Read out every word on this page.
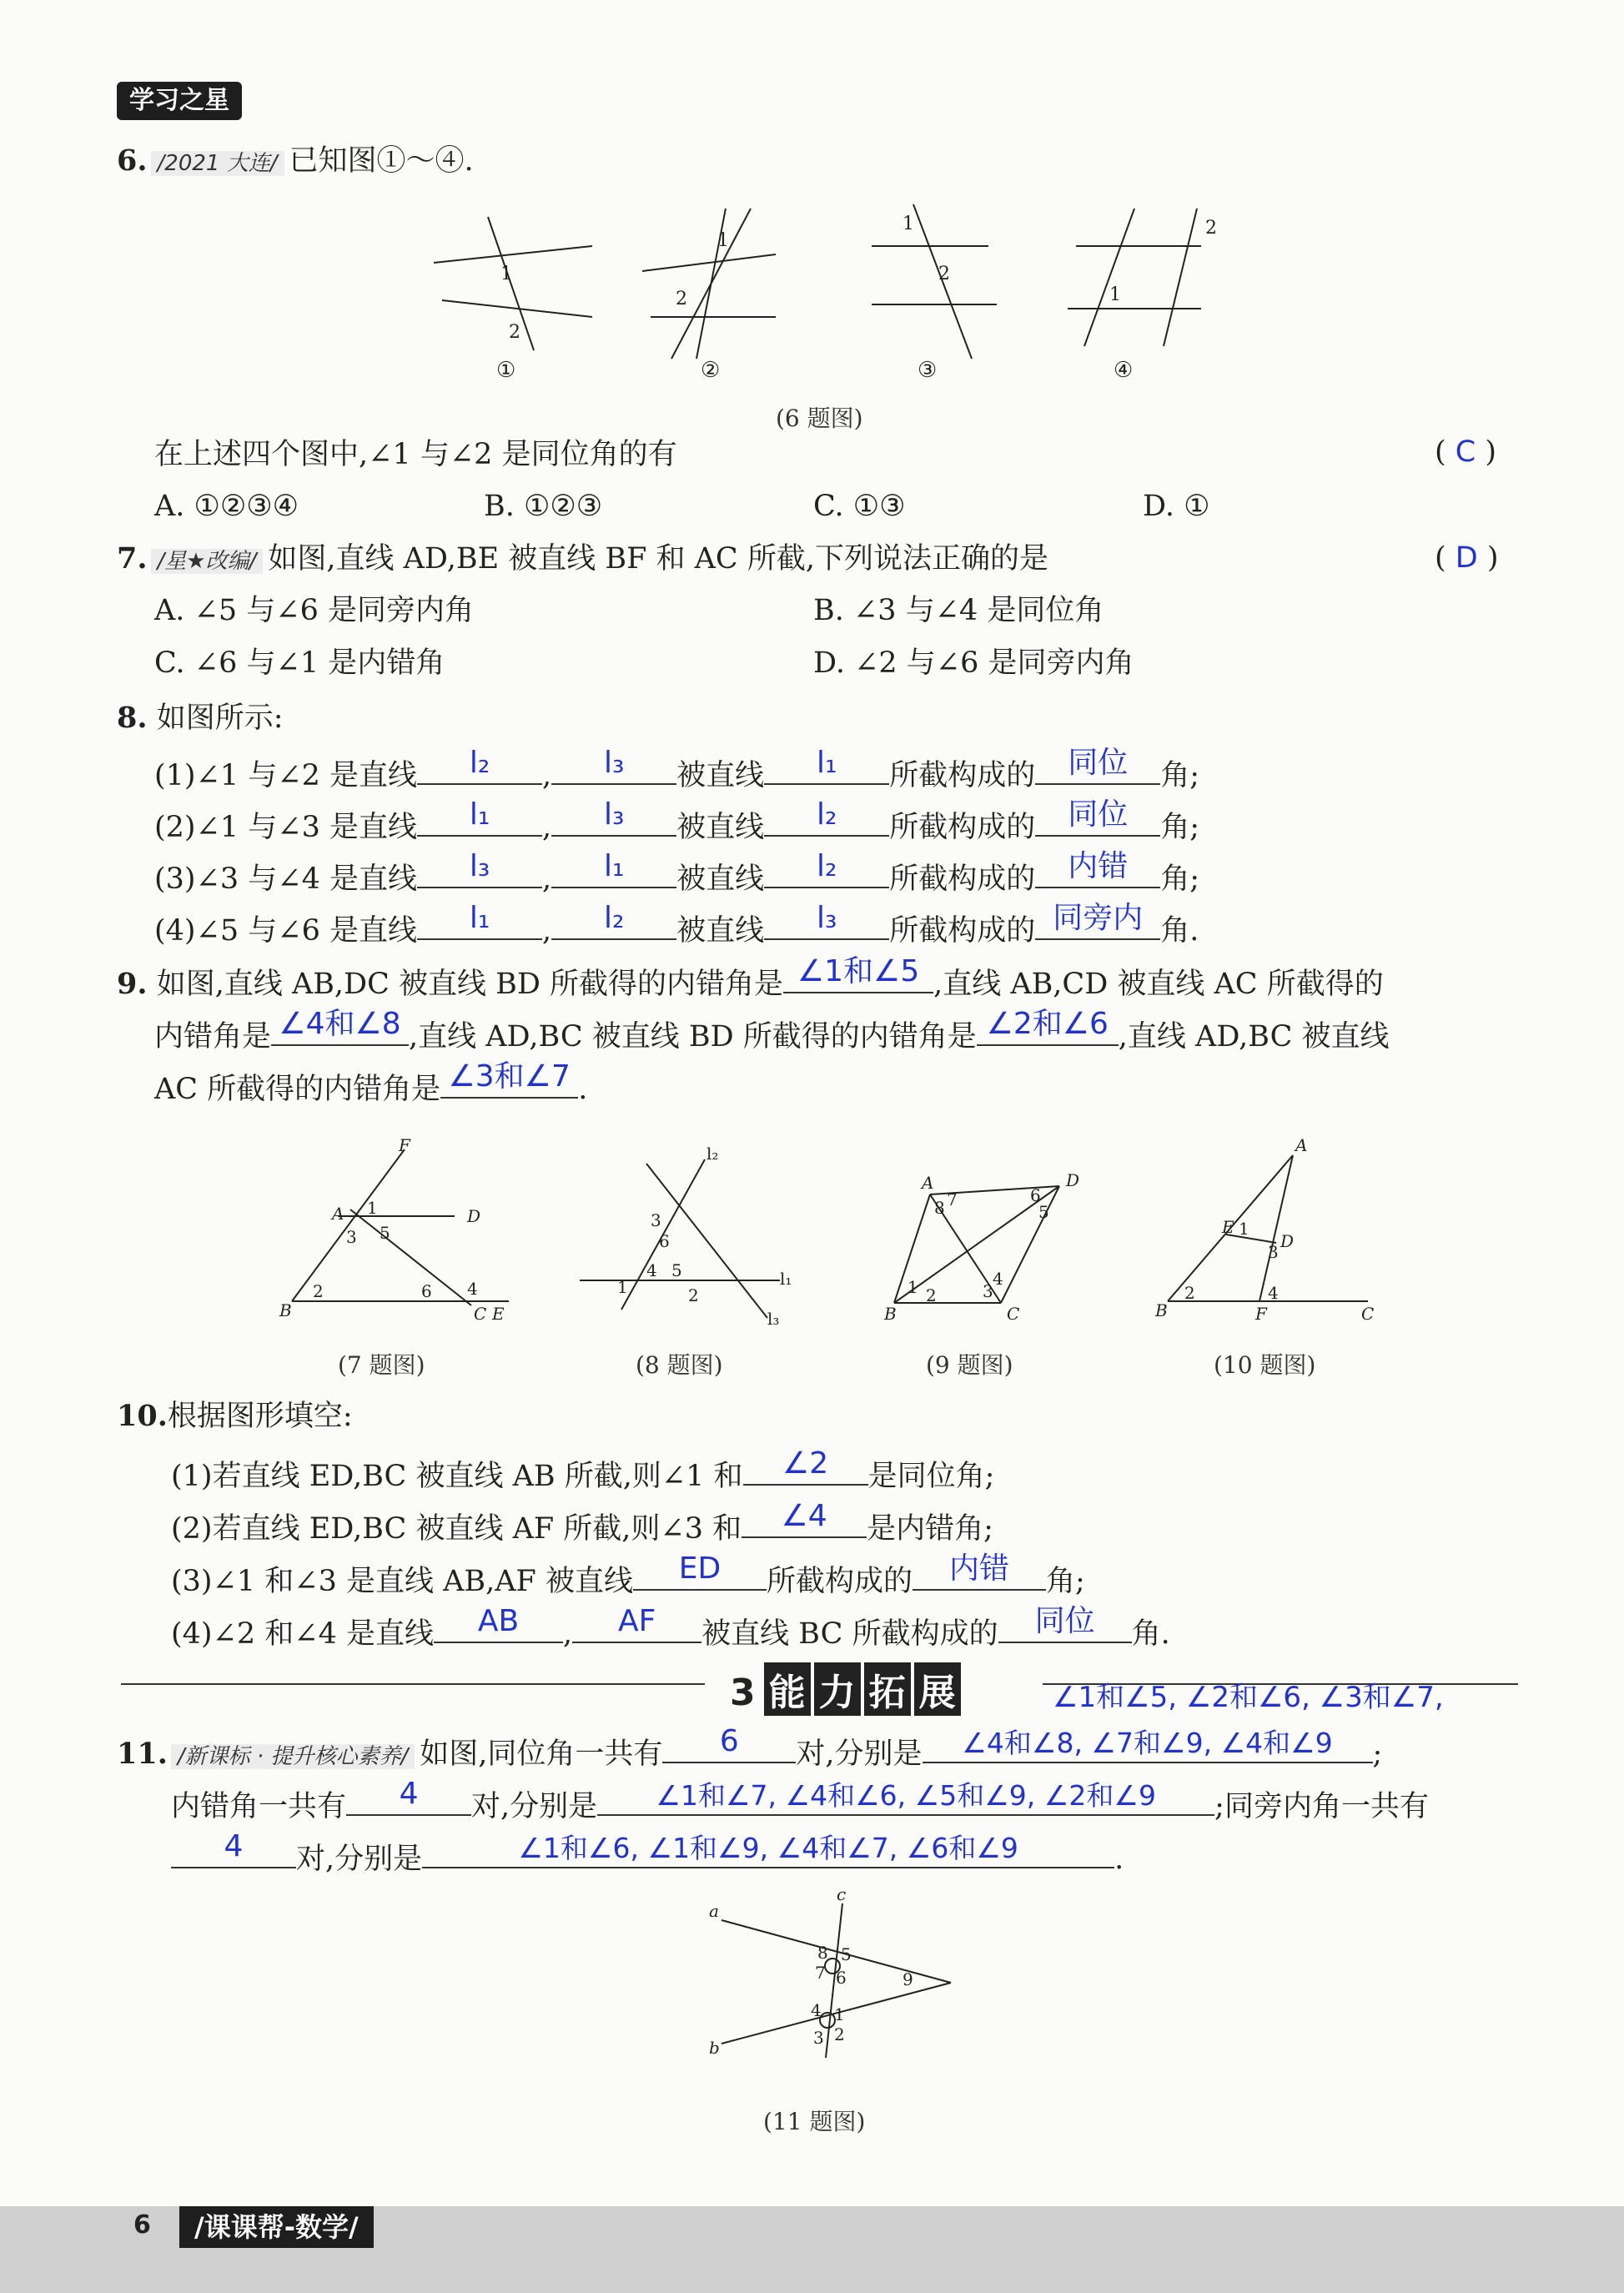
学习之星
6. /2021 大连/ 已知图①～④.
1
2
1
2
1
2
1
2
①	②	③	④
(6 题图)
在上述四个图中,∠1 与∠2 是同位角的有	( C )
A. ①②③④	B. ①②③	C. ①③	D. ①
7. /星★改编/ 如图,直线 AD,BE 被直线 BF 和 AC 所截,下列说法正确的是	( D )
A. ∠5 与∠6 是同旁内角	B. ∠3 与∠4 是同位角
C. ∠6 与∠1 是内错角	D. ∠2 与∠6 是同旁内角
8. 如图所示:
(1)∠1 与∠2 是直线	l₂	,	l₃	被直线	l₁	所截构成的	同位	角;
(2)∠1 与∠3 是直线	l₁	,	l₃	被直线	l₂	所截构成的	同位	角;
(3)∠3 与∠4 是直线	l₃	,	l₁	被直线	l₂	所截构成的	内错	角;
(4)∠5 与∠6 是直线	l₁	,	l₂	被直线	l₃	所截构成的 同旁内 角.
9. 如图,直线 AB,DC 被直线 BD 所截得的内错角是 ∠1和∠5 ,直线 AB,CD 被直线 AC 所截得的
内错角是 ∠4和∠8 ,直线 AD,BC 被直线 BD 所截得的内错角是 ∠2和∠6 ,直线 AD,BC 被直线
AC 所截得的内错角是 ∠3和∠7 .
F
A 1
3 5
D
B
2	6 4
C E
l₂
3
6
4 5
1	2
l₁
l₃
A
8 7	6
5
D
B
1 2	3
4
C
A
E 1
D
3
B
2	4
F	C
(7 题图)	(8 题图)	(9 题图)	(10 题图)
10.根据图形填空:
(1)若直线 ED,BC 被直线 AB 所截,则∠1 和	∠2	是同位角;
(2)若直线 ED,BC 被直线 AF 所截,则∠3 和	∠4	是内错角;
(3)∠1 和∠3 是直线 AB,AF 被直线	ED	所截构成的	内错	角;
(4)∠2 和∠4 是直线	AB	,	AF	被直线 BC 所截构成的	同位	角.
3 能 力 拓 展	∠1和∠5, ∠2和∠6, ∠3和∠7,
11. /新课标 · 提升核心素养/ 如图,同位角一共有	6	对,分别是	∠4和∠8, ∠7和∠9, ∠4和∠9	;
内错角一共有	4	对,分别是	∠1和∠7, ∠4和∠6, ∠5和∠9, ∠2和∠9	;同旁内角一共有
4	对,分别是	∠1和∠6, ∠1和∠9, ∠4和∠7, ∠6和∠9	.
a
b
c
8 5
7 6	9
4 1
3 2
(11 题图)
6	/课课帮-数学/
